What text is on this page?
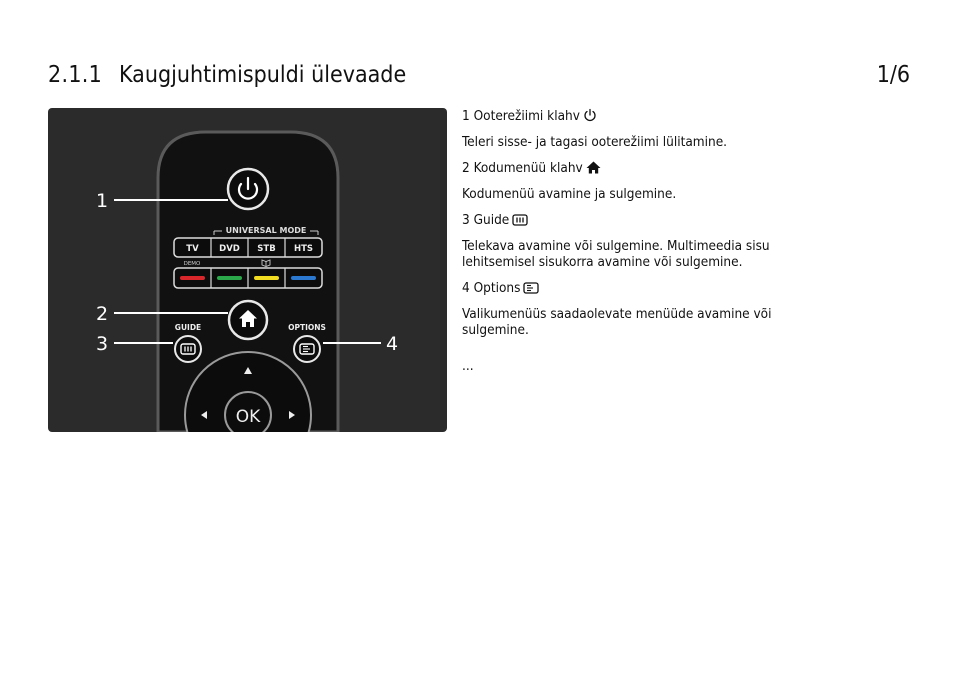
2.1.1 Kaugjuhtimispuldi ülevaade	1/6
UNIVERSAL MODE
TV DVD STB HTS
DEMO
GUIDE	OPTIONS
OK
1
2
3	4

1 Ooterežiimi klahv

Teleri sisse- ja tagasi ooterežiimi lülitamine.

2 Kodumenüü klahv

Kodumenüü avamine ja sulgemine.

3 Guide

Telekava avamine või sulgemine. Multimeedia sisu lehitsemisel sisukorra avamine või sulgemine.

4 Options

Valikumenüüs saadaolevate menüüde avamine või sulgemine.

...
